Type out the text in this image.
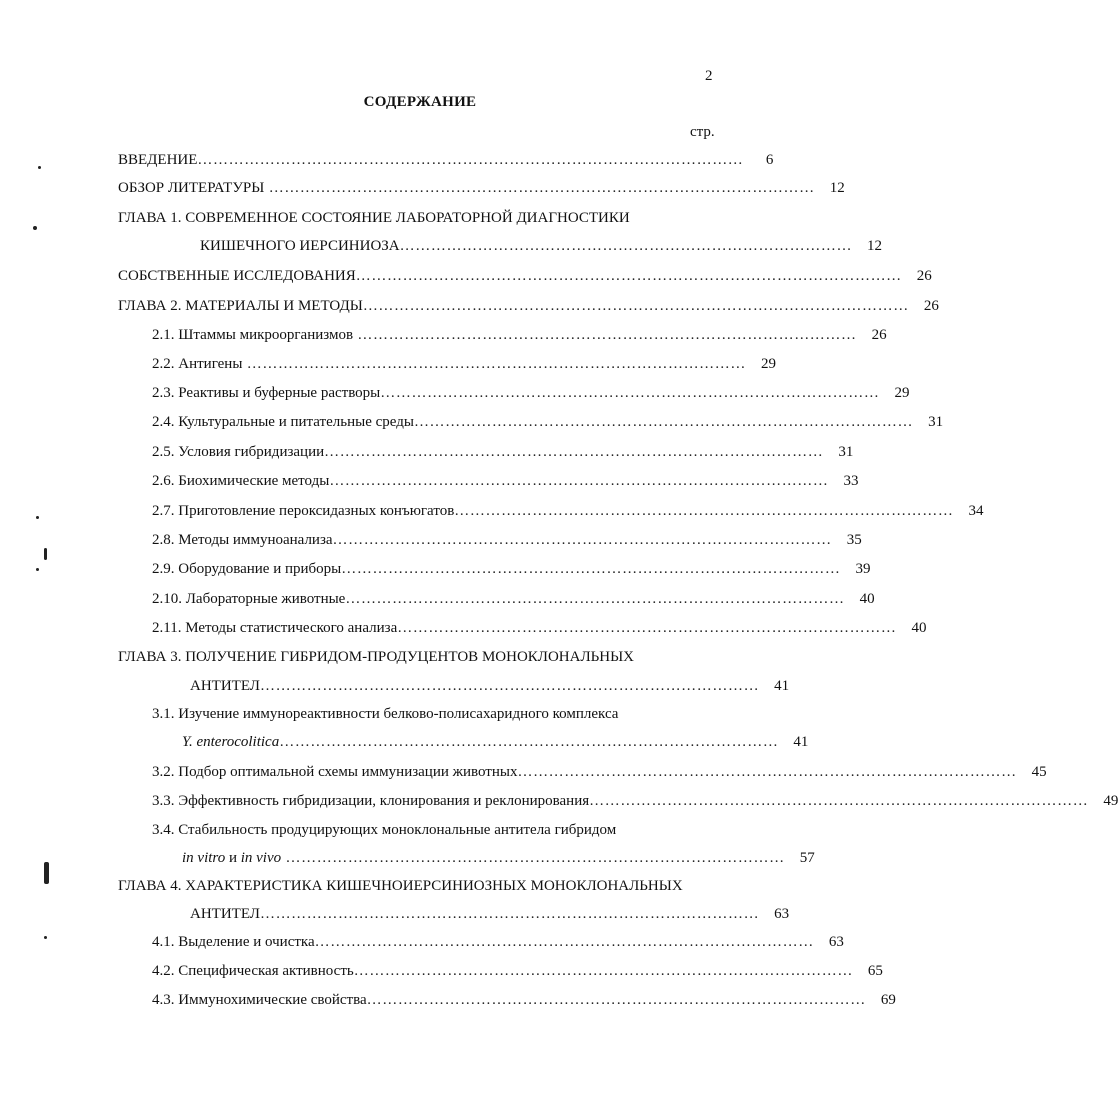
2
СОДЕРЖАНИЕ
стр.
ВВЕДЕНИЕ ……………………………………………………………………………………………	6
ОБЗОР ЛИТЕРАТУРЫ ……………………………………………………………………………………………	12
ГЛАВА 1. СОВРЕМЕННОЕ СОСТОЯНИЕ ЛАБОРАТОРНОЙ ДИАГНОСТИКИ
КИШЕЧНОГО ИЕРСИНИОЗА ……………………………………………………………………………	12
СОБСТВЕННЫЕ ИССЛЕДОВАНИЯ ……………………………………………………………………………………………	26
ГЛАВА 2. МАТЕРИАЛЫ И МЕТОДЫ ……………………………………………………………………………………………	26
2.1. Штаммы микроорганизмов ……………………………………………………………………………………	26
2.2. Антигены ……………………………………………………………………………………	29
2.3. Реактивы и буферные растворы ……………………………………………………………………………………	29
2.4. Культуральные и питательные среды ……………………………………………………………………………………	31
2.5. Условия гибридизации ……………………………………………………………………………………	31
2.6. Биохимические методы ……………………………………………………………………………………	33
2.7. Приготовление пероксидазных конъюгатов ……………………………………………………………………………………	34
2.8. Методы иммуноанализа ……………………………………………………………………………………	35
2.9. Оборудование и приборы ……………………………………………………………………………………	39
2.10. Лабораторные животные ……………………………………………………………………………………	40
2.11. Методы статистического анализа ……………………………………………………………………………………	40
ГЛАВА 3. ПОЛУЧЕНИЕ ГИБРИДОМ-ПРОДУЦЕНТОВ МОНОКЛОНАЛЬНЫХ
АНТИТЕЛ ……………………………………………………………………………………	41
3.1. Изучение иммунореактивности белково-полисахаридного комплекса
Y. enterocolitica ……………………………………………………………………………………	41
3.2. Подбор оптимальной схемы иммунизации животных ……………………………………………………………………………………	45
3.3. Эффективность гибридизации, клонирования и реклонирования ……………………………………………………………………………………	49
3.4. Стабильность продуцирующих моноклональные антитела гибридом
in vitro и in vivo ……………………………………………………………………………………	57
ГЛАВА 4. ХАРАКТЕРИСТИКА КИШЕЧНОИЕРСИНИОЗНЫХ МОНОКЛОНАЛЬНЫХ
АНТИТЕЛ ……………………………………………………………………………………	63
4.1. Выделение и очистка ……………………………………………………………………………………	63
4.2. Специфическая активность ……………………………………………………………………………………	65
4.3. Иммунохимические свойства ……………………………………………………………………………………	69
